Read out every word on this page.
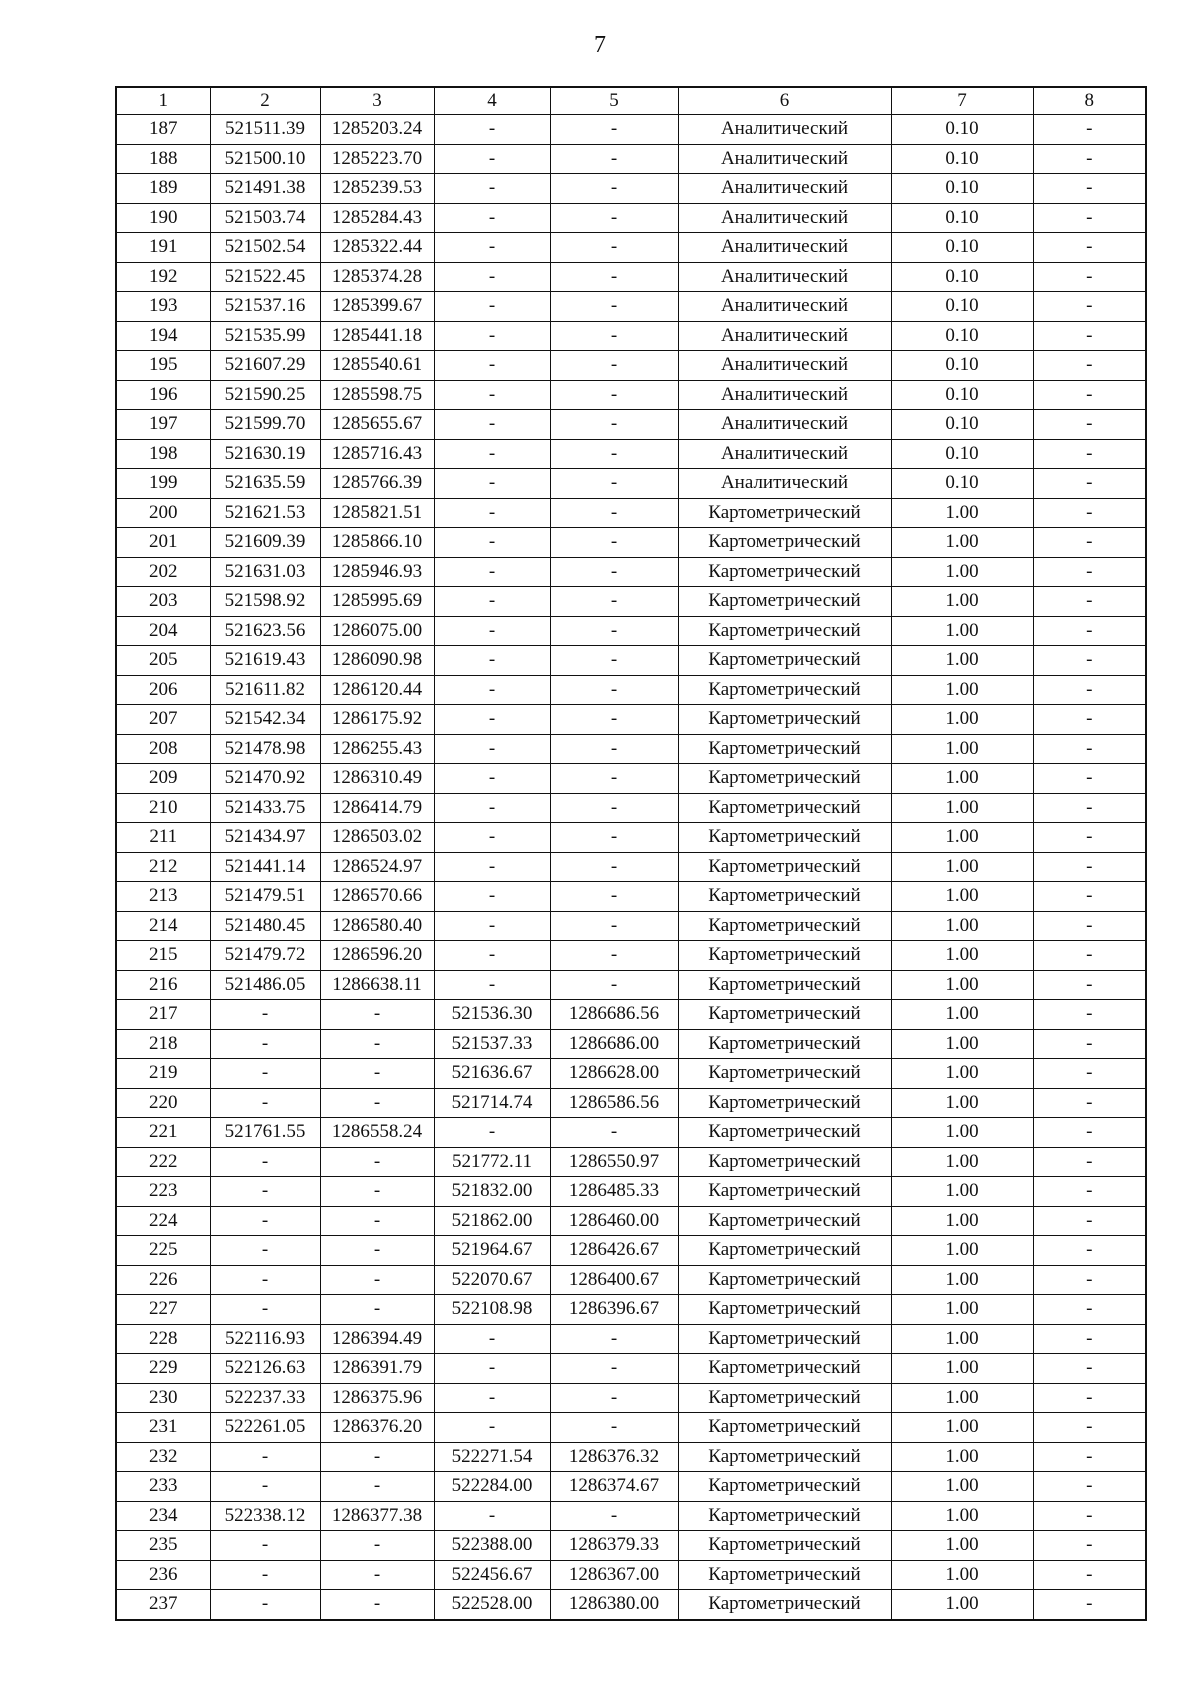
7
1	2	3	4	5	6	7	8
187	521511.39	1285203.24	-	-	Аналитический	0.10	-
188	521500.10	1285223.70	-	-	Аналитический	0.10	-
189	521491.38	1285239.53	-	-	Аналитический	0.10	-
190	521503.74	1285284.43	-	-	Аналитический	0.10	-
191	521502.54	1285322.44	-	-	Аналитический	0.10	-
192	521522.45	1285374.28	-	-	Аналитический	0.10	-
193	521537.16	1285399.67	-	-	Аналитический	0.10	-
194	521535.99	1285441.18	-	-	Аналитический	0.10	-
195	521607.29	1285540.61	-	-	Аналитический	0.10	-
196	521590.25	1285598.75	-	-	Аналитический	0.10	-
197	521599.70	1285655.67	-	-	Аналитический	0.10	-
198	521630.19	1285716.43	-	-	Аналитический	0.10	-
199	521635.59	1285766.39	-	-	Аналитический	0.10	-
200	521621.53	1285821.51	-	-	Картометрический	1.00	-
201	521609.39	1285866.10	-	-	Картометрический	1.00	-
202	521631.03	1285946.93	-	-	Картометрический	1.00	-
203	521598.92	1285995.69	-	-	Картометрический	1.00	-
204	521623.56	1286075.00	-	-	Картометрический	1.00	-
205	521619.43	1286090.98	-	-	Картометрический	1.00	-
206	521611.82	1286120.44	-	-	Картометрический	1.00	-
207	521542.34	1286175.92	-	-	Картометрический	1.00	-
208	521478.98	1286255.43	-	-	Картометрический	1.00	-
209	521470.92	1286310.49	-	-	Картометрический	1.00	-
210	521433.75	1286414.79	-	-	Картометрический	1.00	-
211	521434.97	1286503.02	-	-	Картометрический	1.00	-
212	521441.14	1286524.97	-	-	Картометрический	1.00	-
213	521479.51	1286570.66	-	-	Картометрический	1.00	-
214	521480.45	1286580.40	-	-	Картометрический	1.00	-
215	521479.72	1286596.20	-	-	Картометрический	1.00	-
216	521486.05	1286638.11	-	-	Картометрический	1.00	-
217	-	-	521536.30	1286686.56	Картометрический	1.00	-
218	-	-	521537.33	1286686.00	Картометрический	1.00	-
219	-	-	521636.67	1286628.00	Картометрический	1.00	-
220	-	-	521714.74	1286586.56	Картометрический	1.00	-
221	521761.55	1286558.24	-	-	Картометрический	1.00	-
222	-	-	521772.11	1286550.97	Картометрический	1.00	-
223	-	-	521832.00	1286485.33	Картометрический	1.00	-
224	-	-	521862.00	1286460.00	Картометрический	1.00	-
225	-	-	521964.67	1286426.67	Картометрический	1.00	-
226	-	-	522070.67	1286400.67	Картометрический	1.00	-
227	-	-	522108.98	1286396.67	Картометрический	1.00	-
228	522116.93	1286394.49	-	-	Картометрический	1.00	-
229	522126.63	1286391.79	-	-	Картометрический	1.00	-
230	522237.33	1286375.96	-	-	Картометрический	1.00	-
231	522261.05	1286376.20	-	-	Картометрический	1.00	-
232	-	-	522271.54	1286376.32	Картометрический	1.00	-
233	-	-	522284.00	1286374.67	Картометрический	1.00	-
234	522338.12	1286377.38	-	-	Картометрический	1.00	-
235	-	-	522388.00	1286379.33	Картометрический	1.00	-
236	-	-	522456.67	1286367.00	Картометрический	1.00	-
237	-	-	522528.00	1286380.00	Картометрический	1.00	-
